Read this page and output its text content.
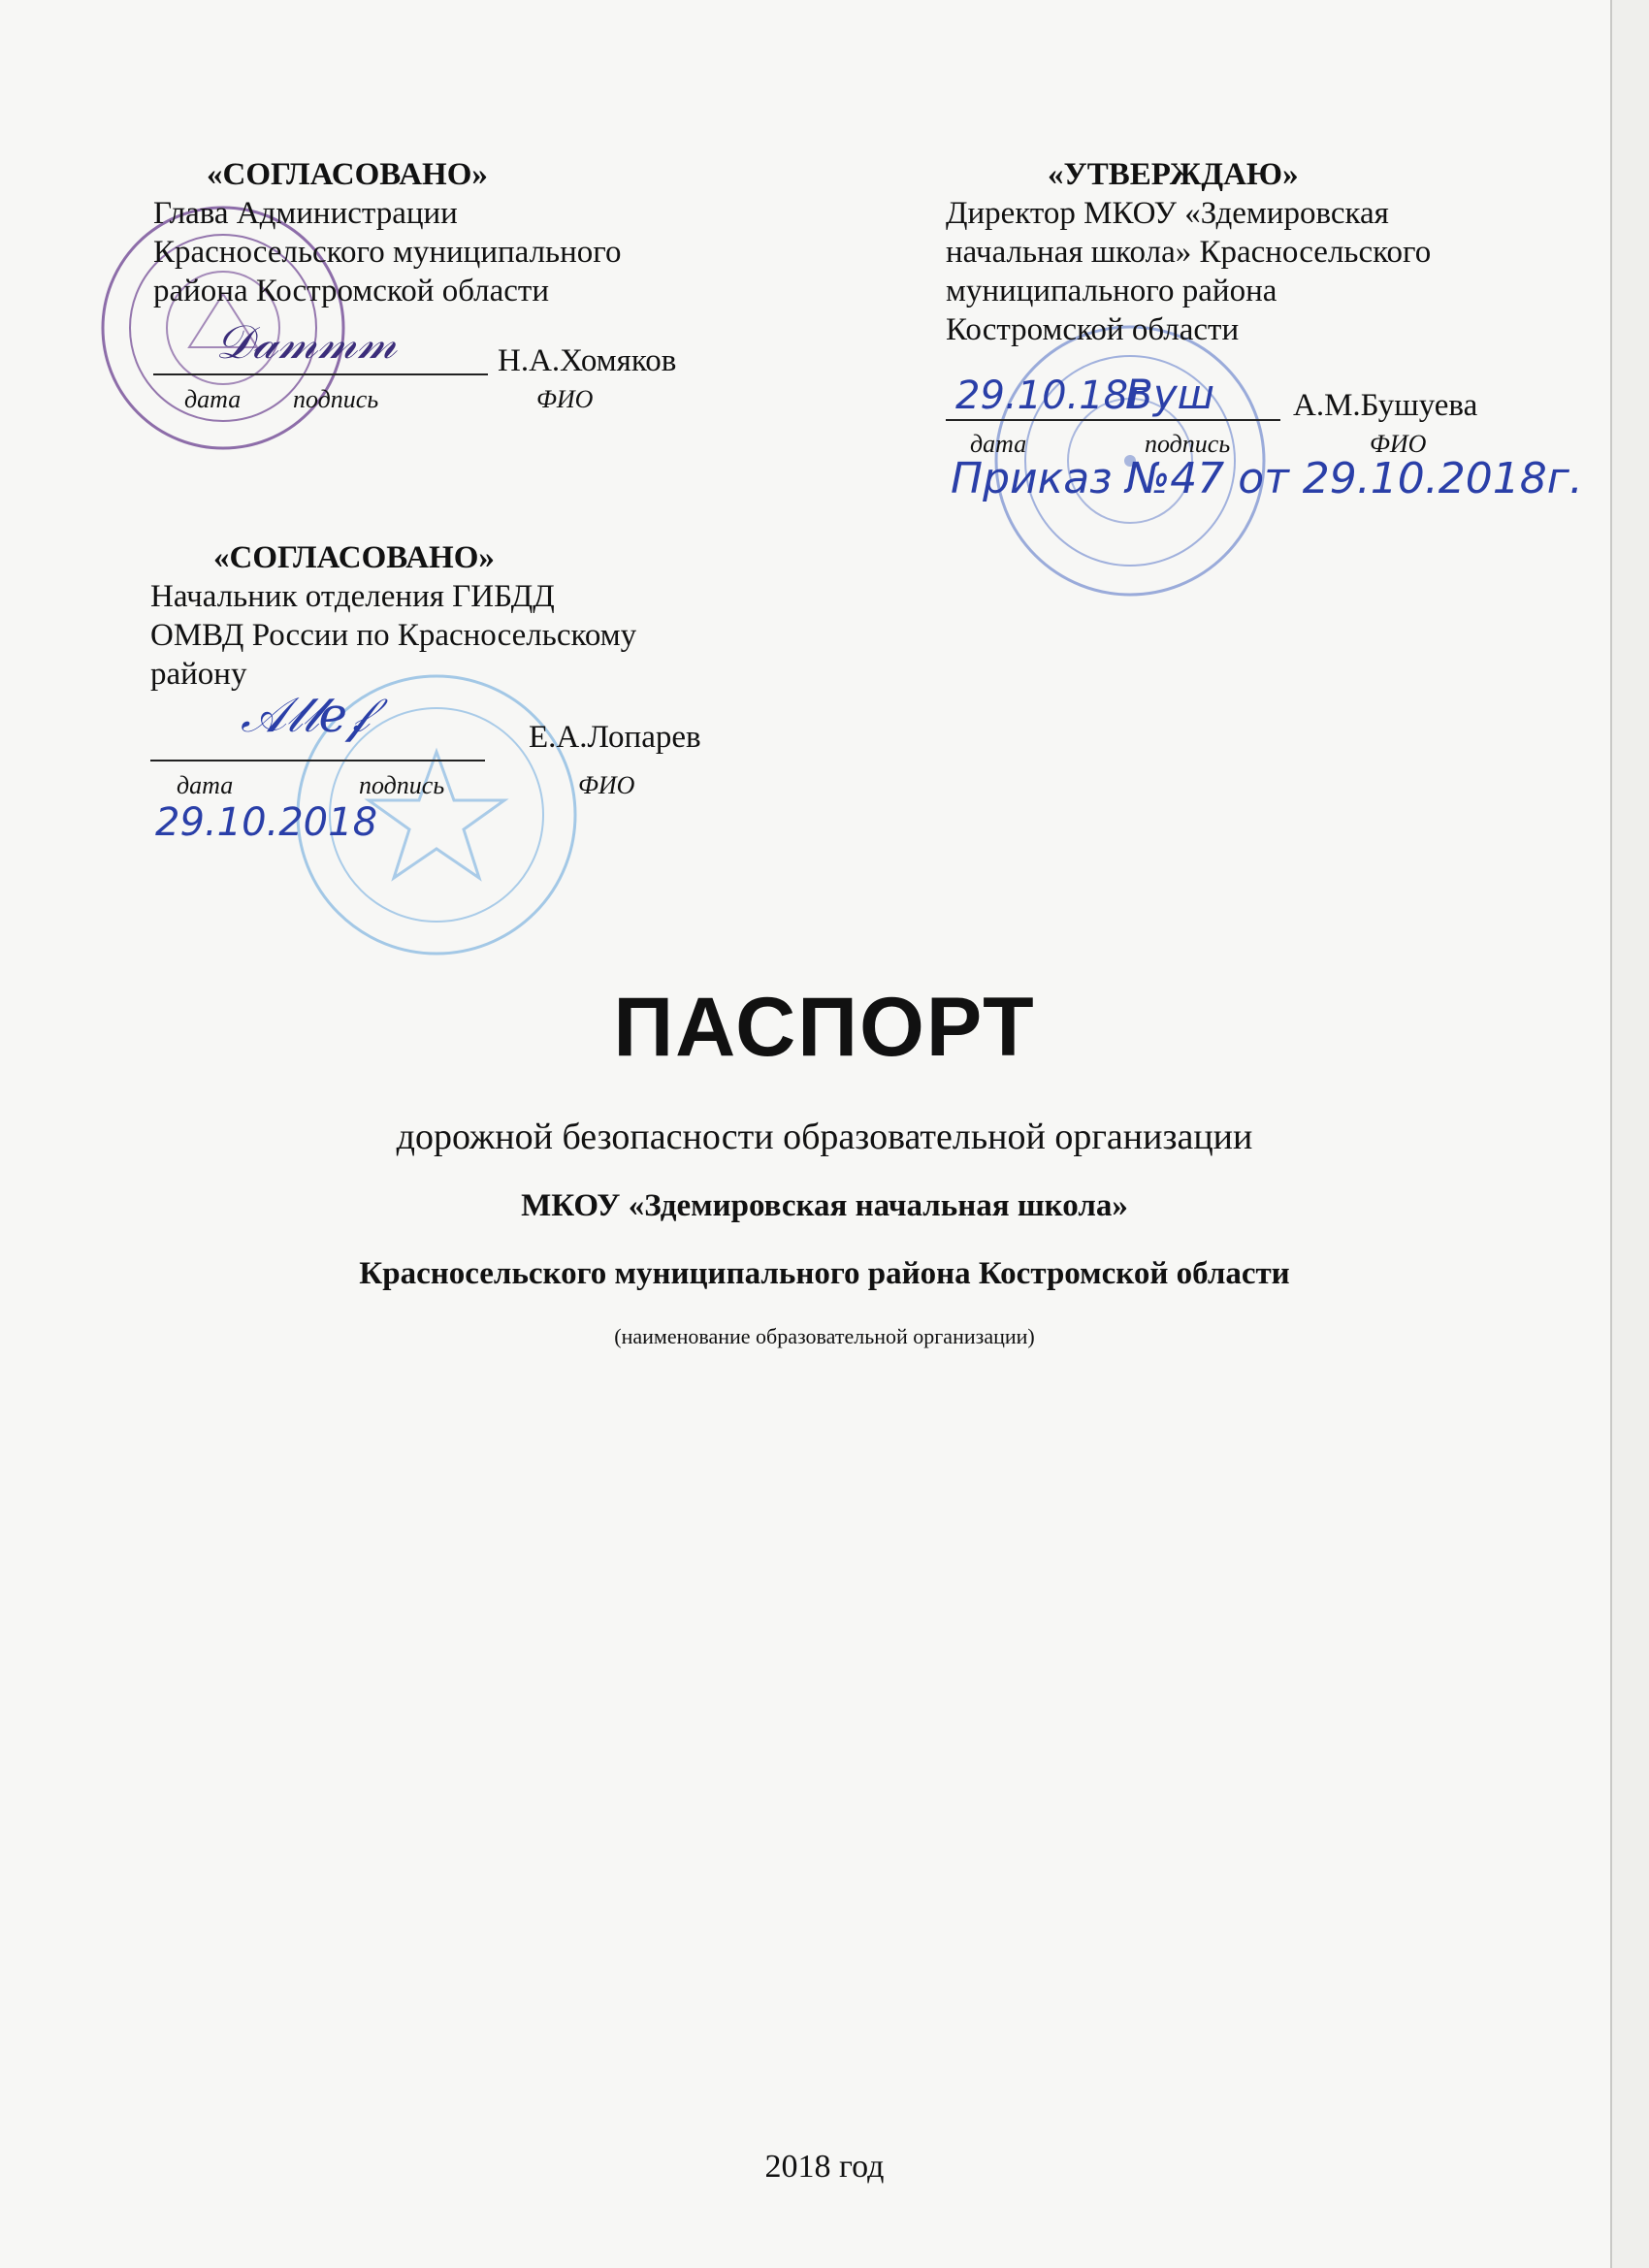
«СОГЛАСОВАНО»
Глава Администрации
Красносельского муниципального
района Костромской области
Н.А.Хомяков
𝒟𝒶𝓂𝓂𝓂
дата подпись	ФИО
«УТВЕРЖДАЮ»
Директор МКОУ «Здемировская
начальная школа» Красносельского
муниципального района
Костромской области
29.10.18г
Вуш А.М.Бушуева
дата	подпись	ФИО
Приказ №47 от 29.10.2018г.
«СОГЛАСОВАНО»
Начальник отделения ГИБДД
ОМВД России по Красносельскому
району
𝒜𝓁𝓁ℯ𝒻	Е.А.Лопарев
дата	подпись	ФИО
29.10.2018
ПАСПОРТ
дорожной безопасности образовательной организации
МКОУ «Здемировская начальная школа»
Красносельского муниципального района Костромской области
(наименование образовательной организации)
2018 год
